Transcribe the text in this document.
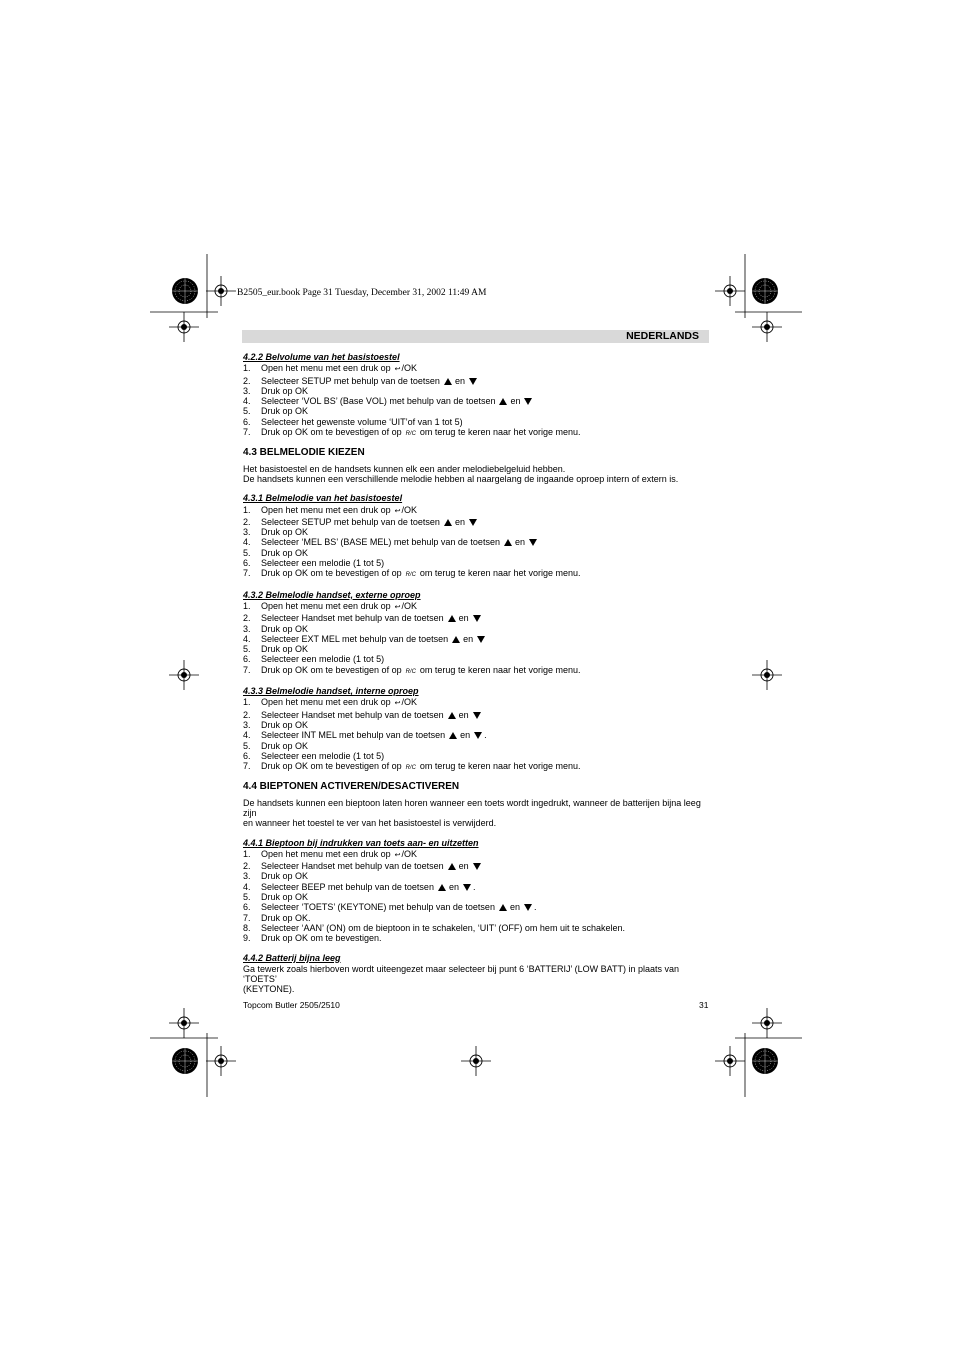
B2505_eur.book Page 31 Tuesday, December 31, 2002 11:49 AM
NEDERLANDS
4.2.2 Belvolume van het basistoestel
1.	Open het menu met een druk op ↩/OK
2.	Selecteer SETUP met behulp van de toetsen en
3.	Druk op OK
4.	Selecteer ‘VOL BS’ (Base VOL) met behulp van de toetsen en
5.	Druk op OK
6.	Selecteer het gewenste volume ‘UIT’of van 1 tot 5)
7.	Druk op OK om te bevestigen of op R/C om terug te keren naar het vorige menu.
4.3 BELMELODIE KIEZEN

Het basistoestel en de handsets kunnen elk een ander melodiebelgeluid hebben.

De handsets kunnen een verschillende melodie hebben al naargelang de ingaande oproep intern of extern is.

4.3.1 Belmelodie van het basistoestel
1.	Open het menu met een druk op ↩/OK
2.	Selecteer SETUP met behulp van de toetsen en
3.	Druk op OK
4.	Selecteer ‘MEL BS’ (BASE MEL) met behulp van de toetsen en
5.	Druk op OK
6.	Selecteer een melodie (1 tot 5)
7.	Druk op OK om te bevestigen of op R/C om terug te keren naar het vorige menu.
4.3.2 Belmelodie handset, externe oproep
1.	Open het menu met een druk op ↩/OK
2.	Selecteer Handset met behulp van de toetsen en
3.	Druk op OK
4.	Selecteer EXT MEL met behulp van de toetsen en
5.	Druk op OK
6.	Selecteer een melodie (1 tot 5)
7.	Druk op OK om te bevestigen of op R/C om terug te keren naar het vorige menu.
4.3.3 Belmelodie handset, interne oproep
1.	Open het menu met een druk op ↩/OK
2.	Selecteer Handset met behulp van de toetsen en
3.	Druk op OK
4.	Selecteer INT MEL met behulp van de toetsen en .
5.	Druk op OK
6.	Selecteer een melodie (1 tot 5)
7.	Druk op OK om te bevestigen of op R/C om terug te keren naar het vorige menu.
4.4 BIEPTONEN ACTIVEREN/DESACTIVEREN

De handsets kunnen een bieptoon laten horen wanneer een toets wordt ingedrukt, wanneer de batterijen bijna leeg zijn

en wanneer het toestel te ver van het basistoestel is verwijderd.

4.4.1 Bieptoon bij indrukken van toets aan- en uitzetten
1.	Open het menu met een druk op ↩/OK
2.	Selecteer Handset met behulp van de toetsen en
3.	Druk op OK
4.	Selecteer BEEP met behulp van de toetsen en .
5.	Druk op OK
6.	Selecteer ‘TOETS’ (KEYTONE) met behulp van de toetsen en .
7.	Druk op OK.
8.	Selecteer ‘AAN’ (ON) om de bieptoon in te schakelen, ‘UIT’ (OFF) om hem uit te schakelen.
9.	Druk op OK om te bevestigen.
4.4.2 Batterij bijna leeg

Ga tewerk zoals hierboven wordt uiteengezet maar selecteer bij punt 6 ‘BATTERIJ’ (LOW BATT) in plaats van ‘TOETS’

(KEYTONE).

Topcom Butler 2505/2510	31
